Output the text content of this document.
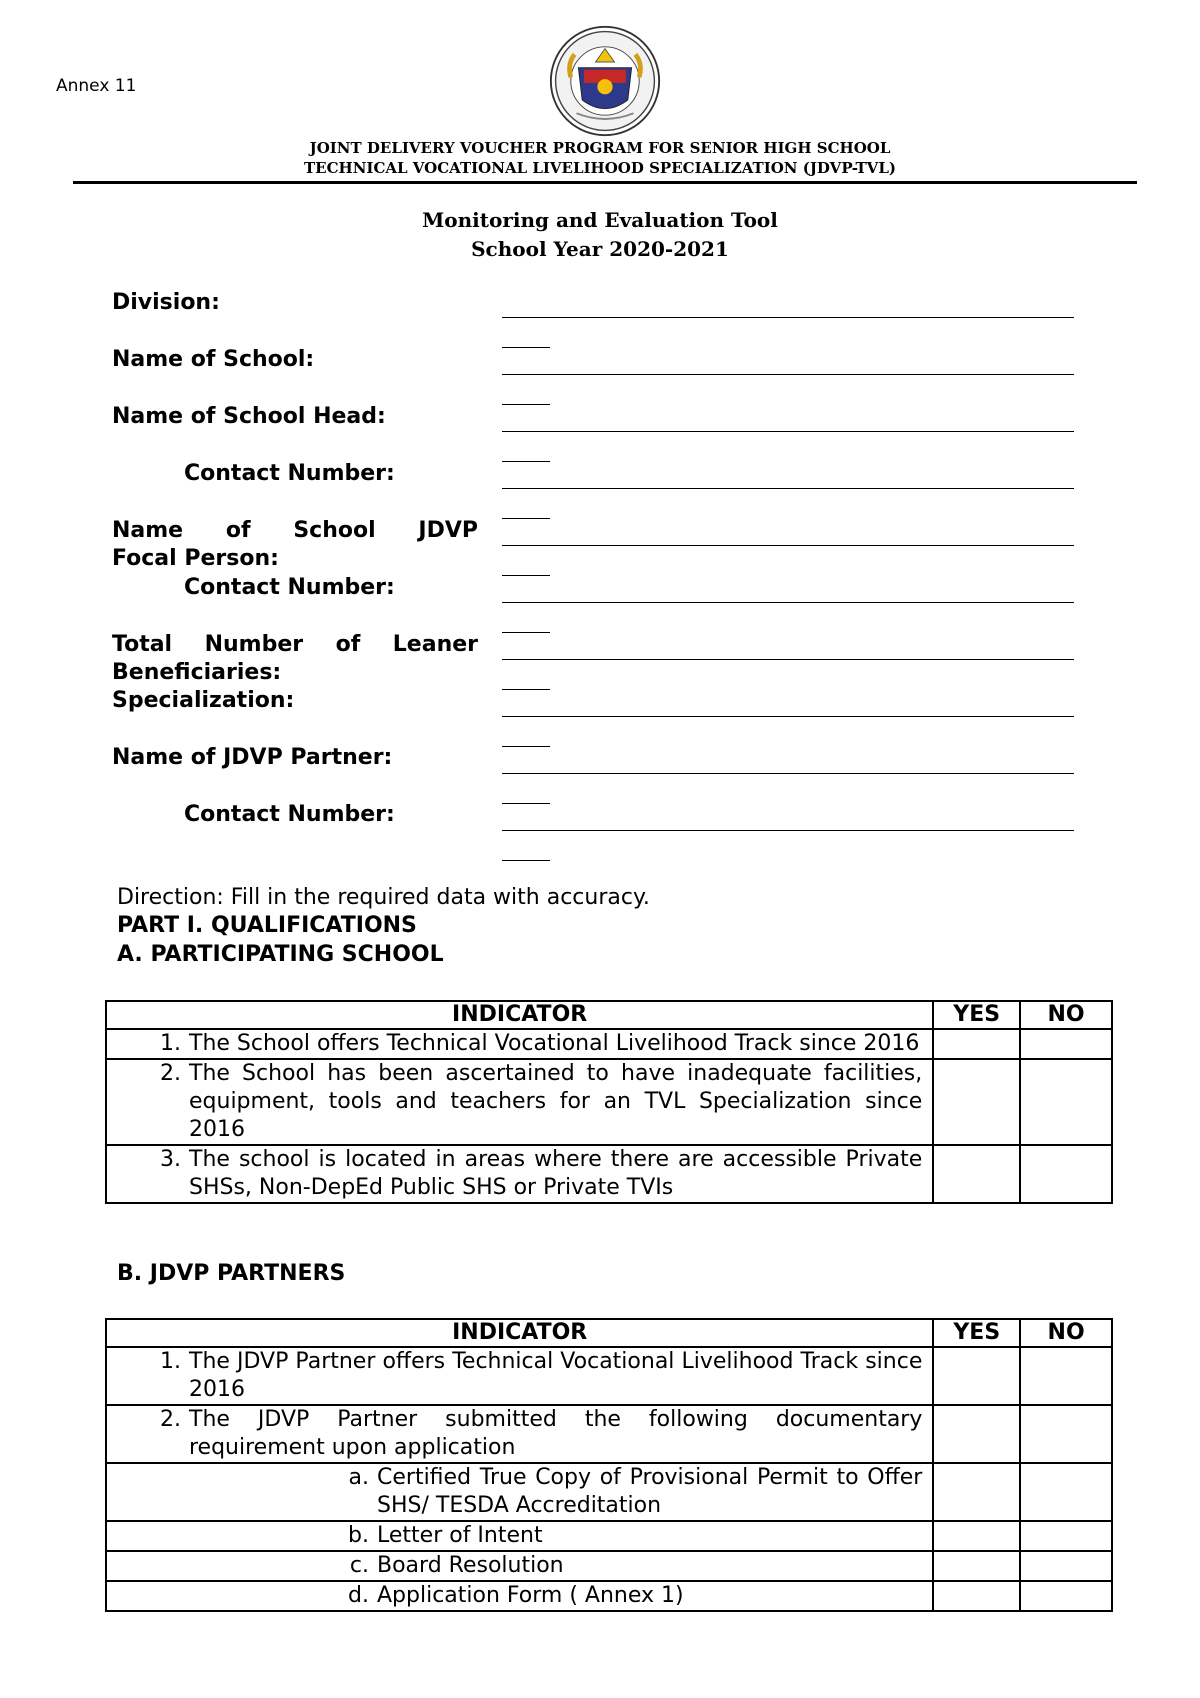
Annex 11
JOINT DELIVERY VOUCHER PROGRAM FOR SENIOR HIGH SCHOOL
TECHNICAL VOCATIONAL LIVELIHOOD SPECIALIZATION (JDVP-TVL)
Monitoring and Evaluation Tool
School Year 2020-2021
Division:
Name of School:
Name of School Head:
Contact Number:
Name of School JDVP
Focal Person:
Contact Number:
Total Number of Leaner
Beneficiaries:
Specialization:
Name of JDVP Partner:
Contact Number:
Direction: Fill in the required data with accuracy.
PART I. QUALIFICATIONS
A. PARTICIPATING SCHOOL
INDICATOR	YES	NO

1. The School offers Technical Vocational Livelihood Track since 2016		

2. The School has been ascertained to have inadequate facilities, equipment, tools and teachers for an TVL Specialization since 2016		

3. The school is located in areas where there are accessible Private SHSs, Non-DepEd Public SHS or Private TVIs		

B. JDVP PARTNERS
INDICATOR	YES	NO

1. The JDVP Partner offers Technical Vocational Livelihood Track since 2016		

2. The JDVP Partner submitted the following documentary requirement upon application		

a. Certified True Copy of Provisional Permit to Offer SHS/ TESDA Accreditation		

b. Letter of Intent		

c. Board Resolution		

d. Application Form ( Annex 1)		
